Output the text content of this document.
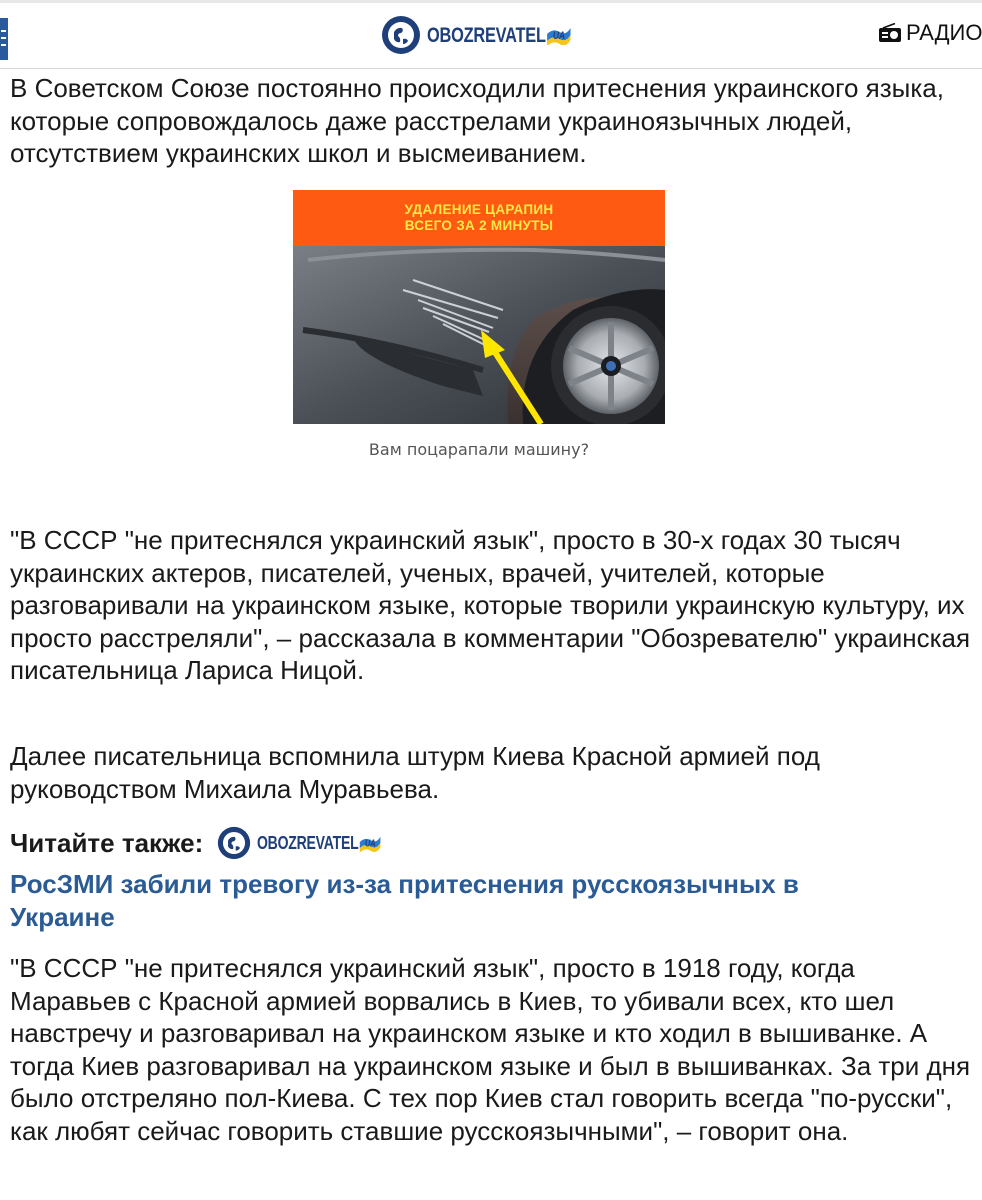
OBOZREVATEL UA	РАДИО

В Советском Союзе постоянно происходили притеснения украинского языка, которые сопровождалось даже расстрелами украиноязычных людей, отсутствием украинских школ и высмеиванием.

УДАЛЕНИЕ ЦАРАПИН
ВСЕГО ЗА 2 МИНУТЫ
Вам поцарапали машину?

"В СССР "не притеснялся украинский язык", просто в 30-х годах 30 тысяч украинских актеров, писателей, ученых, врачей, учителей, которые разговаривали на украинском языке, которые творили украинскую культуру, их просто расстреляли", – рассказала в комментарии "Обозревателю" украинская писательница Лариса Ницой.

Далее писательница вспомнила штурм Киева Красной армией под руководством Михаила Муравьева.

Читайте также:	OBOZREVATEL UA
РосЗМИ забили тревогу из-за притеснения русскоязычных в Украине

"В СССР "не притеснялся украинский язык", просто в 1918 году, когда Маравьев с Красной армией ворвались в Киев, то убивали всех, кто шел навстречу и разговаривал на украинском языке и кто ходил в вышиванке. А тогда Киев разговаривал на украинском языке и был в вышиванках. За три дня было отстреляно пол-Киева. С тех пор Киев стал говорить всегда "по-русски", как любят сейчас говорить ставшие русскоязычными", – говорит она.
